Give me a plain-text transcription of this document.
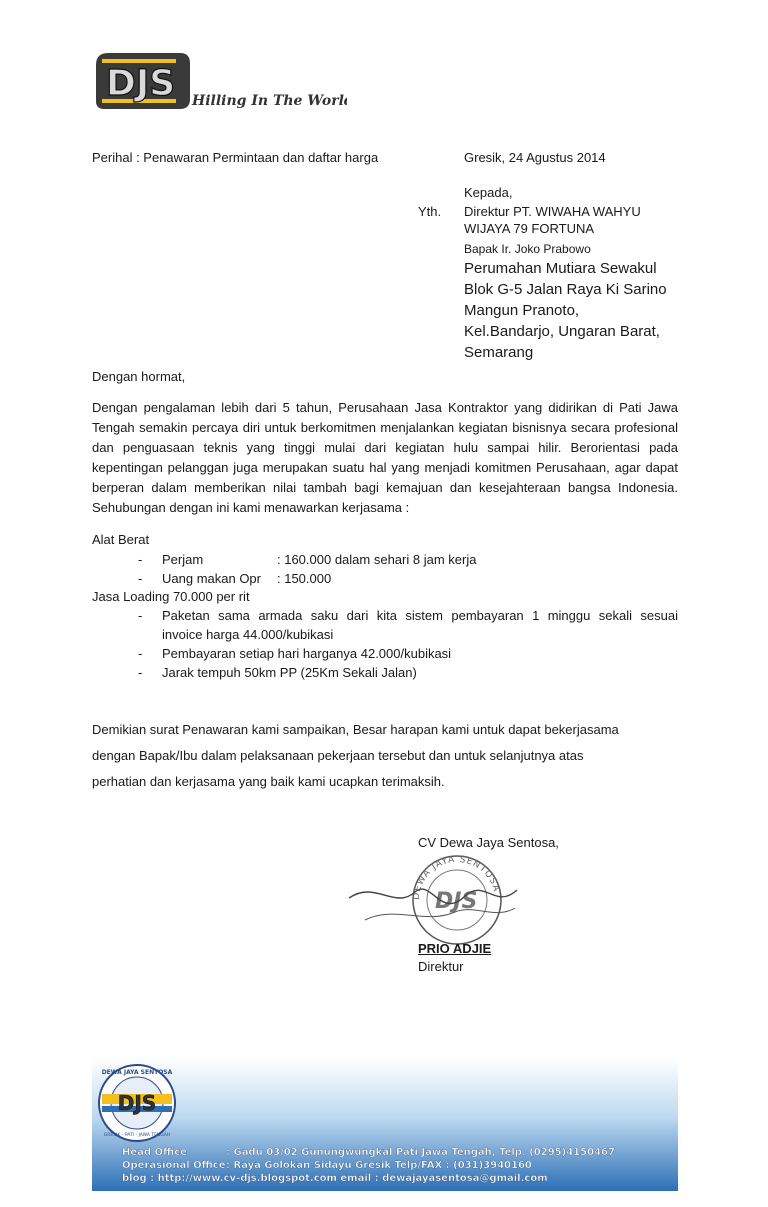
DJS Hilling In The World
Perihal : Penawaran Permintaan dan daftar harga	Gresik, 24 Agustus 2014
Kepada,
Yth. Direktur PT. WIWAHA WAHYU
WIJAYA 79 FORTUNA
Bapak Ir. Joko Prabowo
Perumahan Mutiara Sewakul
Blok G-5 Jalan Raya Ki Sarino
Mangun Pranoto,
Kel.Bandarjo, Ungaran Barat,
Semarang
Dengan hormat,
Dengan pengalaman lebih dari 5 tahun, Perusahaan Jasa Kontraktor yang didirikan di Pati Jawa Tengah semakin percaya diri untuk berkomitmen menjalankan kegiatan bisnisnya secara profesional dan penguasaan teknis yang tinggi mulai dari kegiatan hulu sampai hilir. Berorientasi pada kepentingan pelanggan juga merupakan suatu hal yang menjadi komitmen Perusahaan, agar dapat berperan dalam memberikan nilai tambah bagi kemajuan dan kesejahteraan bangsa Indonesia. Sehubungan dengan ini kami menawarkan kerjasama :
Alat Berat
- Perjam	: 160.000 dalam sehari 8 jam kerja
- Uang makan Opr : 150.000
Jasa Loading 70.000 per rit
- Paketan sama armada saku dari kita sistem pembayaran 1 minggu sekali sesuai
invoice harga 44.000/kubikasi
- Pembayaran setiap hari harganya 42.000/kubikasi
- Jarak tempuh 50km PP (25Km Sekali Jalan)
Demikian surat Penawaran kami sampaikan, Besar harapan kami untuk dapat bekerjasama
dengan Bapak/Ibu dalam pelaksanaan pekerjaan tersebut dan untuk selanjutnya atas
perhatian dan kerjasama yang baik kami ucapkan terimaksih.
CV Dewa Jaya Sentosa,
DEWA JAYA SENTOSA
DJS
PRIO ADJIE
Direktur
DJS
DEWA JAYA SENTOSA
GRESIK - PATI - JAWA TENGAH
Head Office	: Gadu 03/02 Gunungwungkal Pati Jawa Tengah, Telp. (0295)4150467
Operasional Office : Raya Golokan Sidayu Gresik Telp/FAX : (031)3940160
blog : http://www.cv-djs.blogspot.com email : dewajayasentosa@gmail.com
